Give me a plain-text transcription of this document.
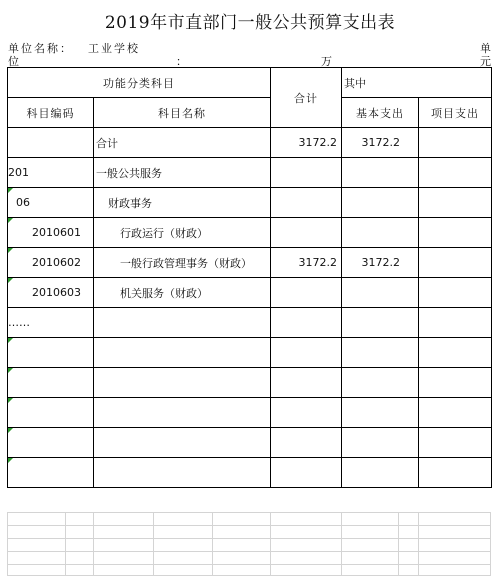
2019年市直部门一般公共预算支出表
单位名称： 工业学校	单
位	：	万	元
功能分类科目		合计	其中	
科目编码	科目名称		基本支出	项目支出
	合计	3172.2	3172.2	
201	一般公共服务			
06	财政事务			
2010601	行政运行（财政）			
2010602	一般行政管理事务（财政）	3172.2	3172.2	
2010603	机关服务（财政）			
……				
